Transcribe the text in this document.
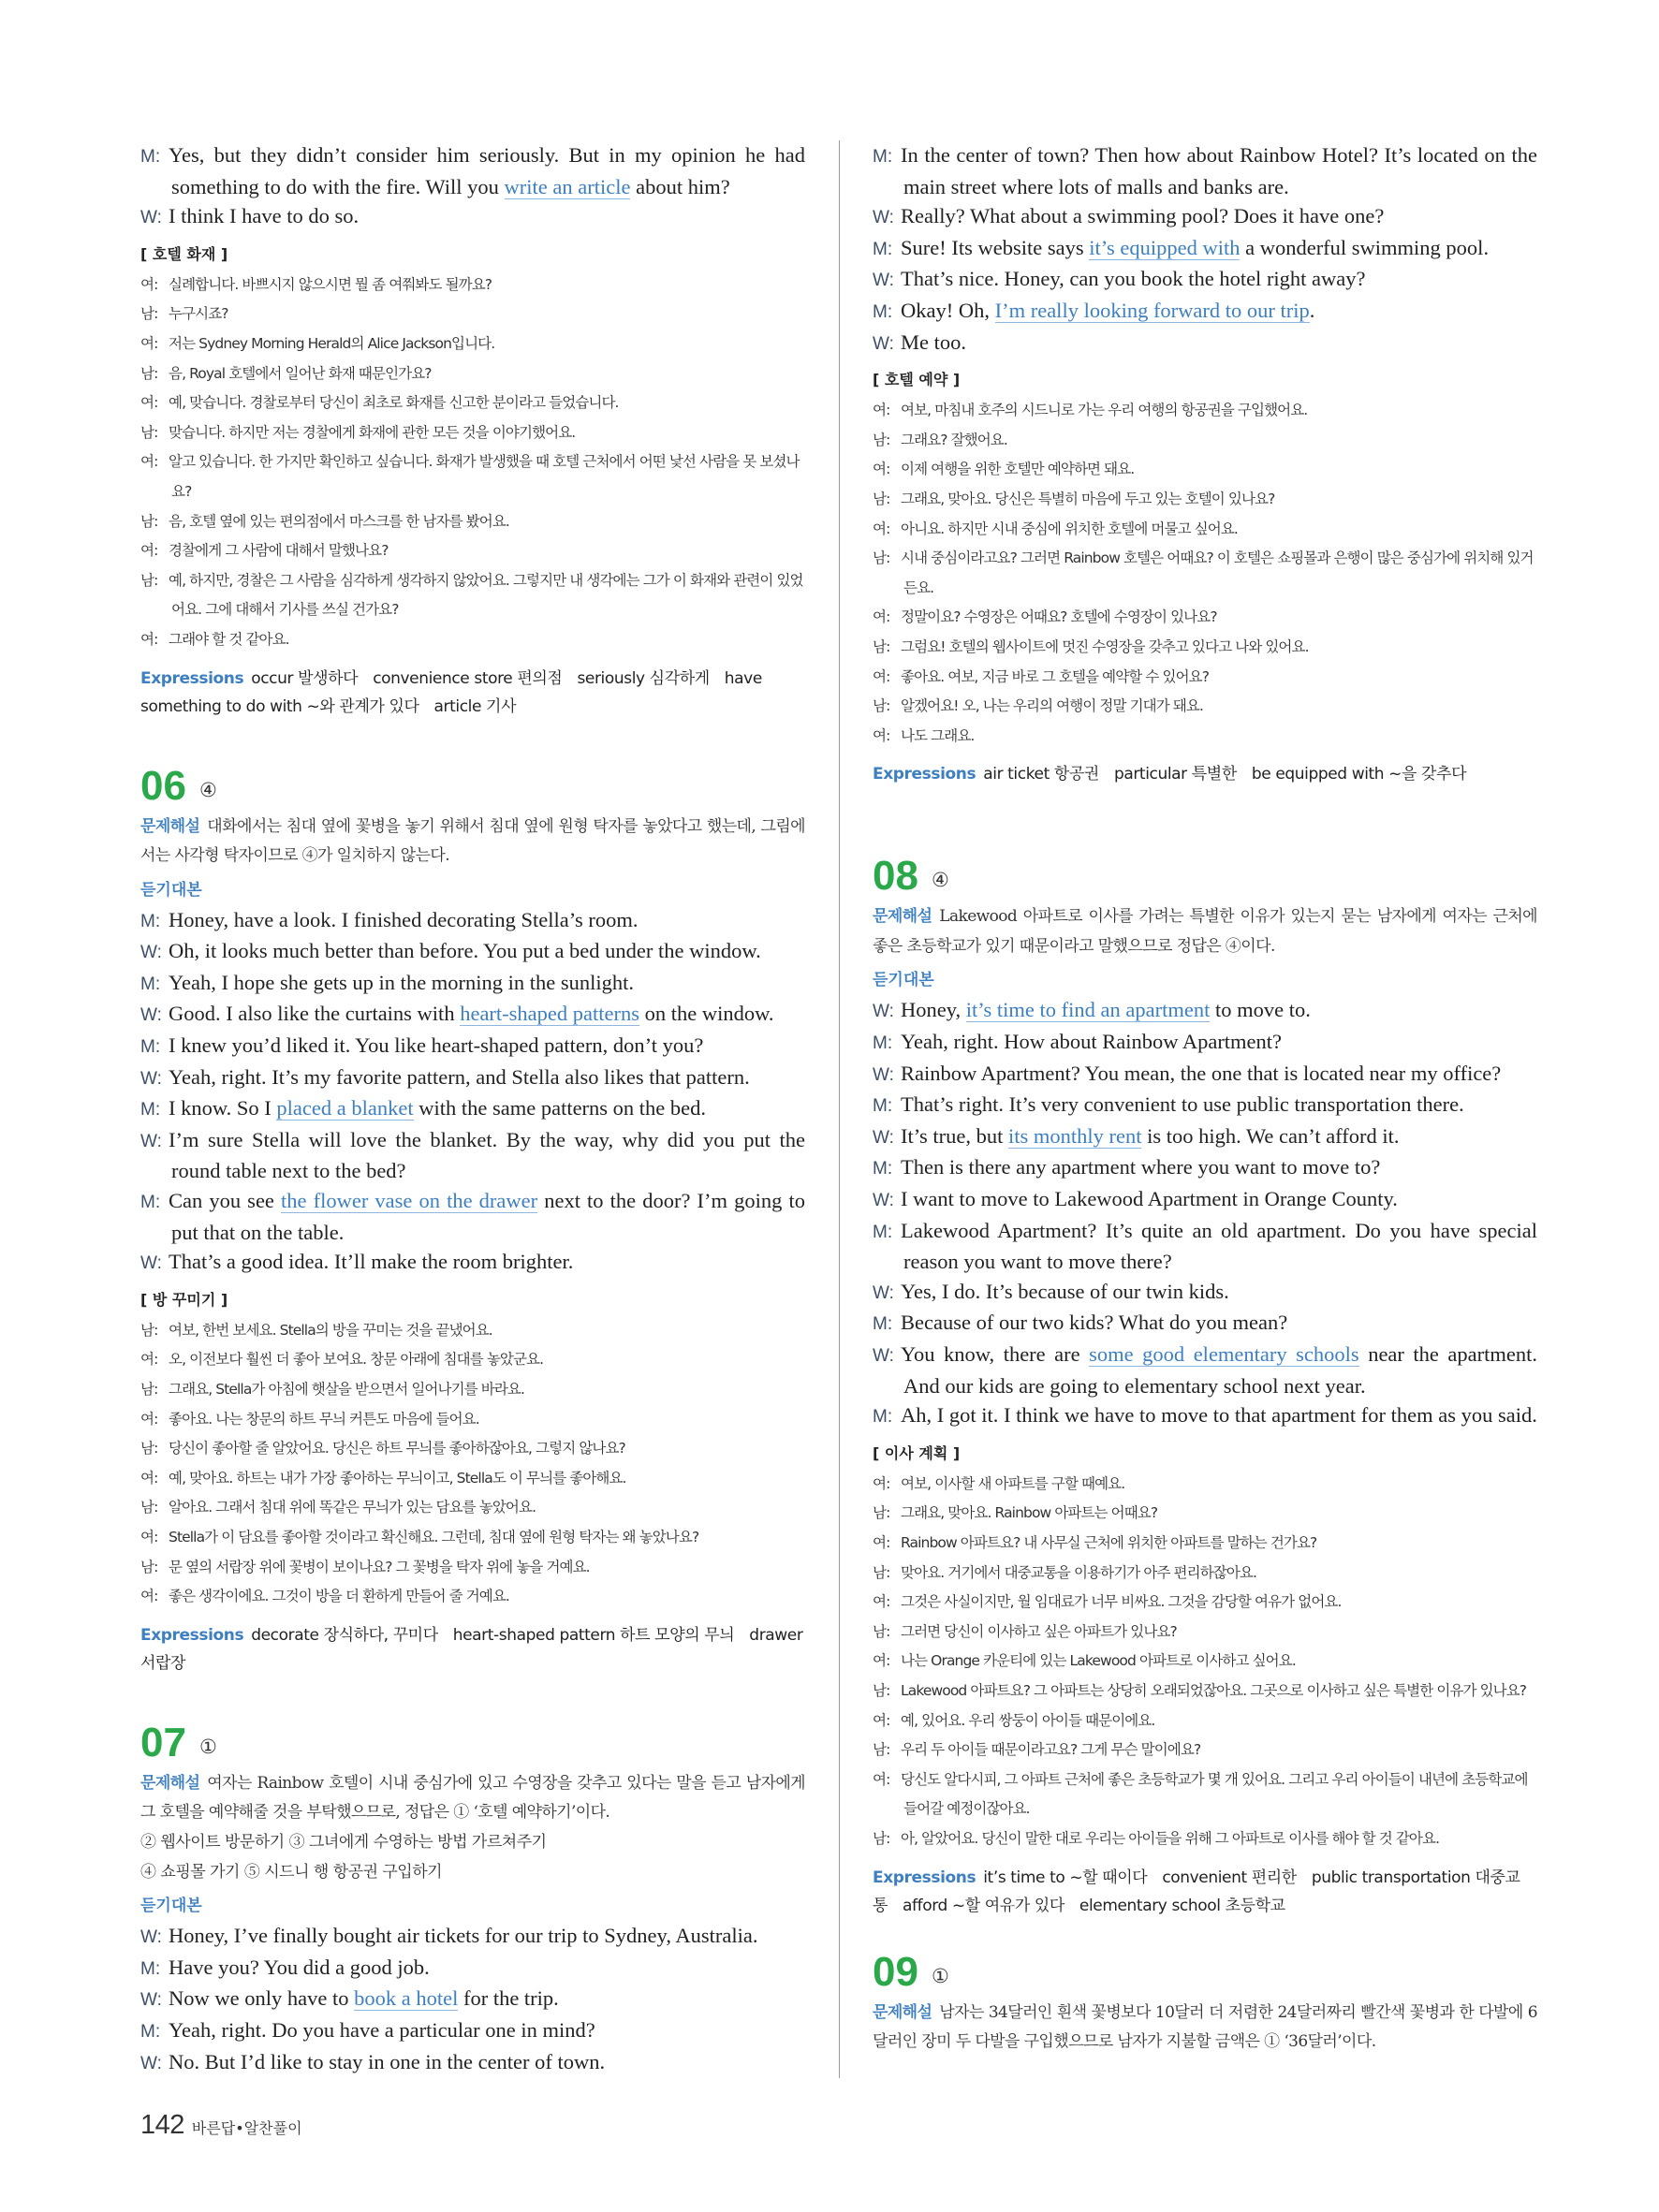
M: Yes, but they didn’t consider him seriously. But in my opinion he had something to do with the fire. Will you write an article about him?
W: I think I have to do so.
[ 호텔 화재 ]
여: 실례합니다. 바쁘시지 않으시면 뭘 좀 여쭤봐도 될까요?
남: 누구시죠?
여: 저는 Sydney Morning Herald의 Alice Jackson입니다.
남: 음, Royal 호텔에서 일어난 화재 때문인가요?
여: 예, 맞습니다. 경찰로부터 당신이 최초로 화재를 신고한 분이라고 들었습니다.
남: 맞습니다. 하지만 저는 경찰에게 화재에 관한 모든 것을 이야기했어요.
여: 알고 있습니다. 한 가지만 확인하고 싶습니다. 화재가 발생했을 때 호텔 근처에서 어떤 낯선 사람을 못 보셨나요?
남: 음, 호텔 옆에 있는 편의점에서 마스크를 한 남자를 봤어요.
여: 경찰에게 그 사람에 대해서 말했나요?
남: 예, 하지만, 경찰은 그 사람을 심각하게 생각하지 않았어요. 그렇지만 내 생각에는 그가 이 화재와 관련이 있었어요. 그에 대해서 기사를 쓰실 건가요?
여: 그래야 할 것 같아요.
Expressions occur 발생하다 convenience store 편의점 seriously 심각하게 have something to do with ~와 관계가 있다 article 기사
06 ④
문제해설 대화에서는 침대 옆에 꽃병을 놓기 위해서 침대 옆에 원형 탁자를 놓았다고 했는데, 그림에서는 사각형 탁자이므로 ④가 일치하지 않는다.
듣기대본
M: Honey, have a look. I finished decorating Stella’s room.
W: Oh, it looks much better than before. You put a bed under the window.
M: Yeah, I hope she gets up in the morning in the sunlight.
W: Good. I also like the curtains with heart-shaped patterns on the window.
M: I knew you’d liked it. You like heart-shaped pattern, don’t you?
W: Yeah, right. It’s my favorite pattern, and Stella also likes that pattern.
M: I know. So I placed a blanket with the same patterns on the bed.
W: I’m sure Stella will love the blanket. By the way, why did you put the round table next to the bed?
M: Can you see the flower vase on the drawer next to the door? I’m going to put that on the table.
W: That’s a good idea. It’ll make the room brighter.
[ 방 꾸미기 ]
남: 여보, 한번 보세요. Stella의 방을 꾸미는 것을 끝냈어요.
여: 오, 이전보다 훨씬 더 좋아 보여요. 창문 아래에 침대를 놓았군요.
남: 그래요, Stella가 아침에 햇살을 받으면서 일어나기를 바라요.
여: 좋아요. 나는 창문의 하트 무늬 커튼도 마음에 들어요.
남: 당신이 좋아할 줄 알았어요. 당신은 하트 무늬를 좋아하잖아요, 그렇지 않나요?
여: 예, 맞아요. 하트는 내가 가장 좋아하는 무늬이고, Stella도 이 무늬를 좋아해요.
남: 알아요. 그래서 침대 위에 똑같은 무늬가 있는 담요를 놓았어요.
여: Stella가 이 담요를 좋아할 것이라고 확신해요. 그런데, 침대 옆에 원형 탁자는 왜 놓았나요?
남: 문 옆의 서랍장 위에 꽃병이 보이나요? 그 꽃병을 탁자 위에 놓을 거예요.
여: 좋은 생각이에요. 그것이 방을 더 환하게 만들어 줄 거예요.
Expressions decorate 장식하다, 꾸미다 heart-shaped pattern 하트 모양의 무늬 drawer 서랍장
07 ①
문제해설 여자는 Rainbow 호텔이 시내 중심가에 있고 수영장을 갖추고 있다는 말을 듣고 남자에게 그 호텔을 예약해줄 것을 부탁했으므로, 정답은 ① ‘호텔 예약하기’이다.
② 웹사이트 방문하기 ③ 그녀에게 수영하는 방법 가르쳐주기
④ 쇼핑몰 가기 ⑤ 시드니 행 항공권 구입하기
듣기대본
W: Honey, I’ve finally bought air tickets for our trip to Sydney, Australia.
M: Have you? You did a good job.
W: Now we only have to book a hotel for the trip.
M: Yeah, right. Do you have a particular one in mind?
W: No. But I’d like to stay in one in the center of town.
M: In the center of town? Then how about Rainbow Hotel? It’s located on the main street where lots of malls and banks are.
W: Really? What about a swimming pool? Does it have one?
M: Sure! Its website says it’s equipped with a wonderful swimming pool.
W: That’s nice. Honey, can you book the hotel right away?
M: Okay! Oh, I’m really looking forward to our trip.
W: Me too.
[ 호텔 예약 ]
여: 여보, 마침내 호주의 시드니로 가는 우리 여행의 항공권을 구입했어요.
남: 그래요? 잘했어요.
여: 이제 여행을 위한 호텔만 예약하면 돼요.
남: 그래요, 맞아요. 당신은 특별히 마음에 두고 있는 호텔이 있나요?
여: 아니요. 하지만 시내 중심에 위치한 호텔에 머물고 싶어요.
남: 시내 중심이라고요? 그러면 Rainbow 호텔은 어때요? 이 호텔은 쇼핑몰과 은행이 많은 중심가에 위치해 있거든요.
여: 정말이요? 수영장은 어때요? 호텔에 수영장이 있나요?
남: 그럼요! 호텔의 웹사이트에 멋진 수영장을 갖추고 있다고 나와 있어요.
여: 좋아요. 여보, 지금 바로 그 호텔을 예약할 수 있어요?
남: 알겠어요! 오, 나는 우리의 여행이 정말 기대가 돼요.
여: 나도 그래요.
Expressions air ticket 항공권 particular 특별한 be equipped with ~을 갖추다
08 ④
문제해설 Lakewood 아파트로 이사를 가려는 특별한 이유가 있는지 묻는 남자에게 여자는 근처에 좋은 초등학교가 있기 때문이라고 말했으므로 정답은 ④이다.
듣기대본
W: Honey, it’s time to find an apartment to move to.
M: Yeah, right. How about Rainbow Apartment?
W: Rainbow Apartment? You mean, the one that is located near my office?
M: That’s right. It’s very convenient to use public transportation there.
W: It’s true, but its monthly rent is too high. We can’t afford it.
M: Then is there any apartment where you want to move to?
W: I want to move to Lakewood Apartment in Orange County.
M: Lakewood Apartment? It’s quite an old apartment. Do you have special reason you want to move there?
W: Yes, I do. It’s because of our twin kids.
M: Because of our two kids? What do you mean?
W: You know, there are some good elementary schools near the apartment. And our kids are going to elementary school next year.
M: Ah, I got it. I think we have to move to that apartment for them as you said.
[ 이사 계획 ]
여: 여보, 이사할 새 아파트를 구할 때예요.
남: 그래요, 맞아요. Rainbow 아파트는 어때요?
여: Rainbow 아파트요? 내 사무실 근처에 위치한 아파트를 말하는 건가요?
남: 맞아요. 거기에서 대중교통을 이용하기가 아주 편리하잖아요.
여: 그것은 사실이지만, 월 임대료가 너무 비싸요. 그것을 감당할 여유가 없어요.
남: 그러면 당신이 이사하고 싶은 아파트가 있나요?
여: 나는 Orange 카운티에 있는 Lakewood 아파트로 이사하고 싶어요.
남: Lakewood 아파트요? 그 아파트는 상당히 오래되었잖아요. 그곳으로 이사하고 싶은 특별한 이유가 있나요?
여: 예, 있어요. 우리 쌍둥이 아이들 때문이에요.
남: 우리 두 아이들 때문이라고요? 그게 무슨 말이에요?
여: 당신도 알다시피, 그 아파트 근처에 좋은 초등학교가 몇 개 있어요. 그리고 우리 아이들이 내년에 초등학교에 들어갈 예정이잖아요.
남: 아, 알았어요. 당신이 말한 대로 우리는 아이들을 위해 그 아파트로 이사를 해야 할 것 같아요.
Expressions it’s time to ~할 때이다 convenient 편리한 public transportation 대중교통 afford ~할 여유가 있다 elementary school 초등학교
09 ①
문제해설 남자는 34달러인 흰색 꽃병보다 10달러 더 저렴한 24달러짜리 빨간색 꽃병과 한 다발에 6달러인 장미 두 다발을 구입했으므로 남자가 지불할 금액은 ① ‘36달러’이다.
142 바른답•알찬풀이
